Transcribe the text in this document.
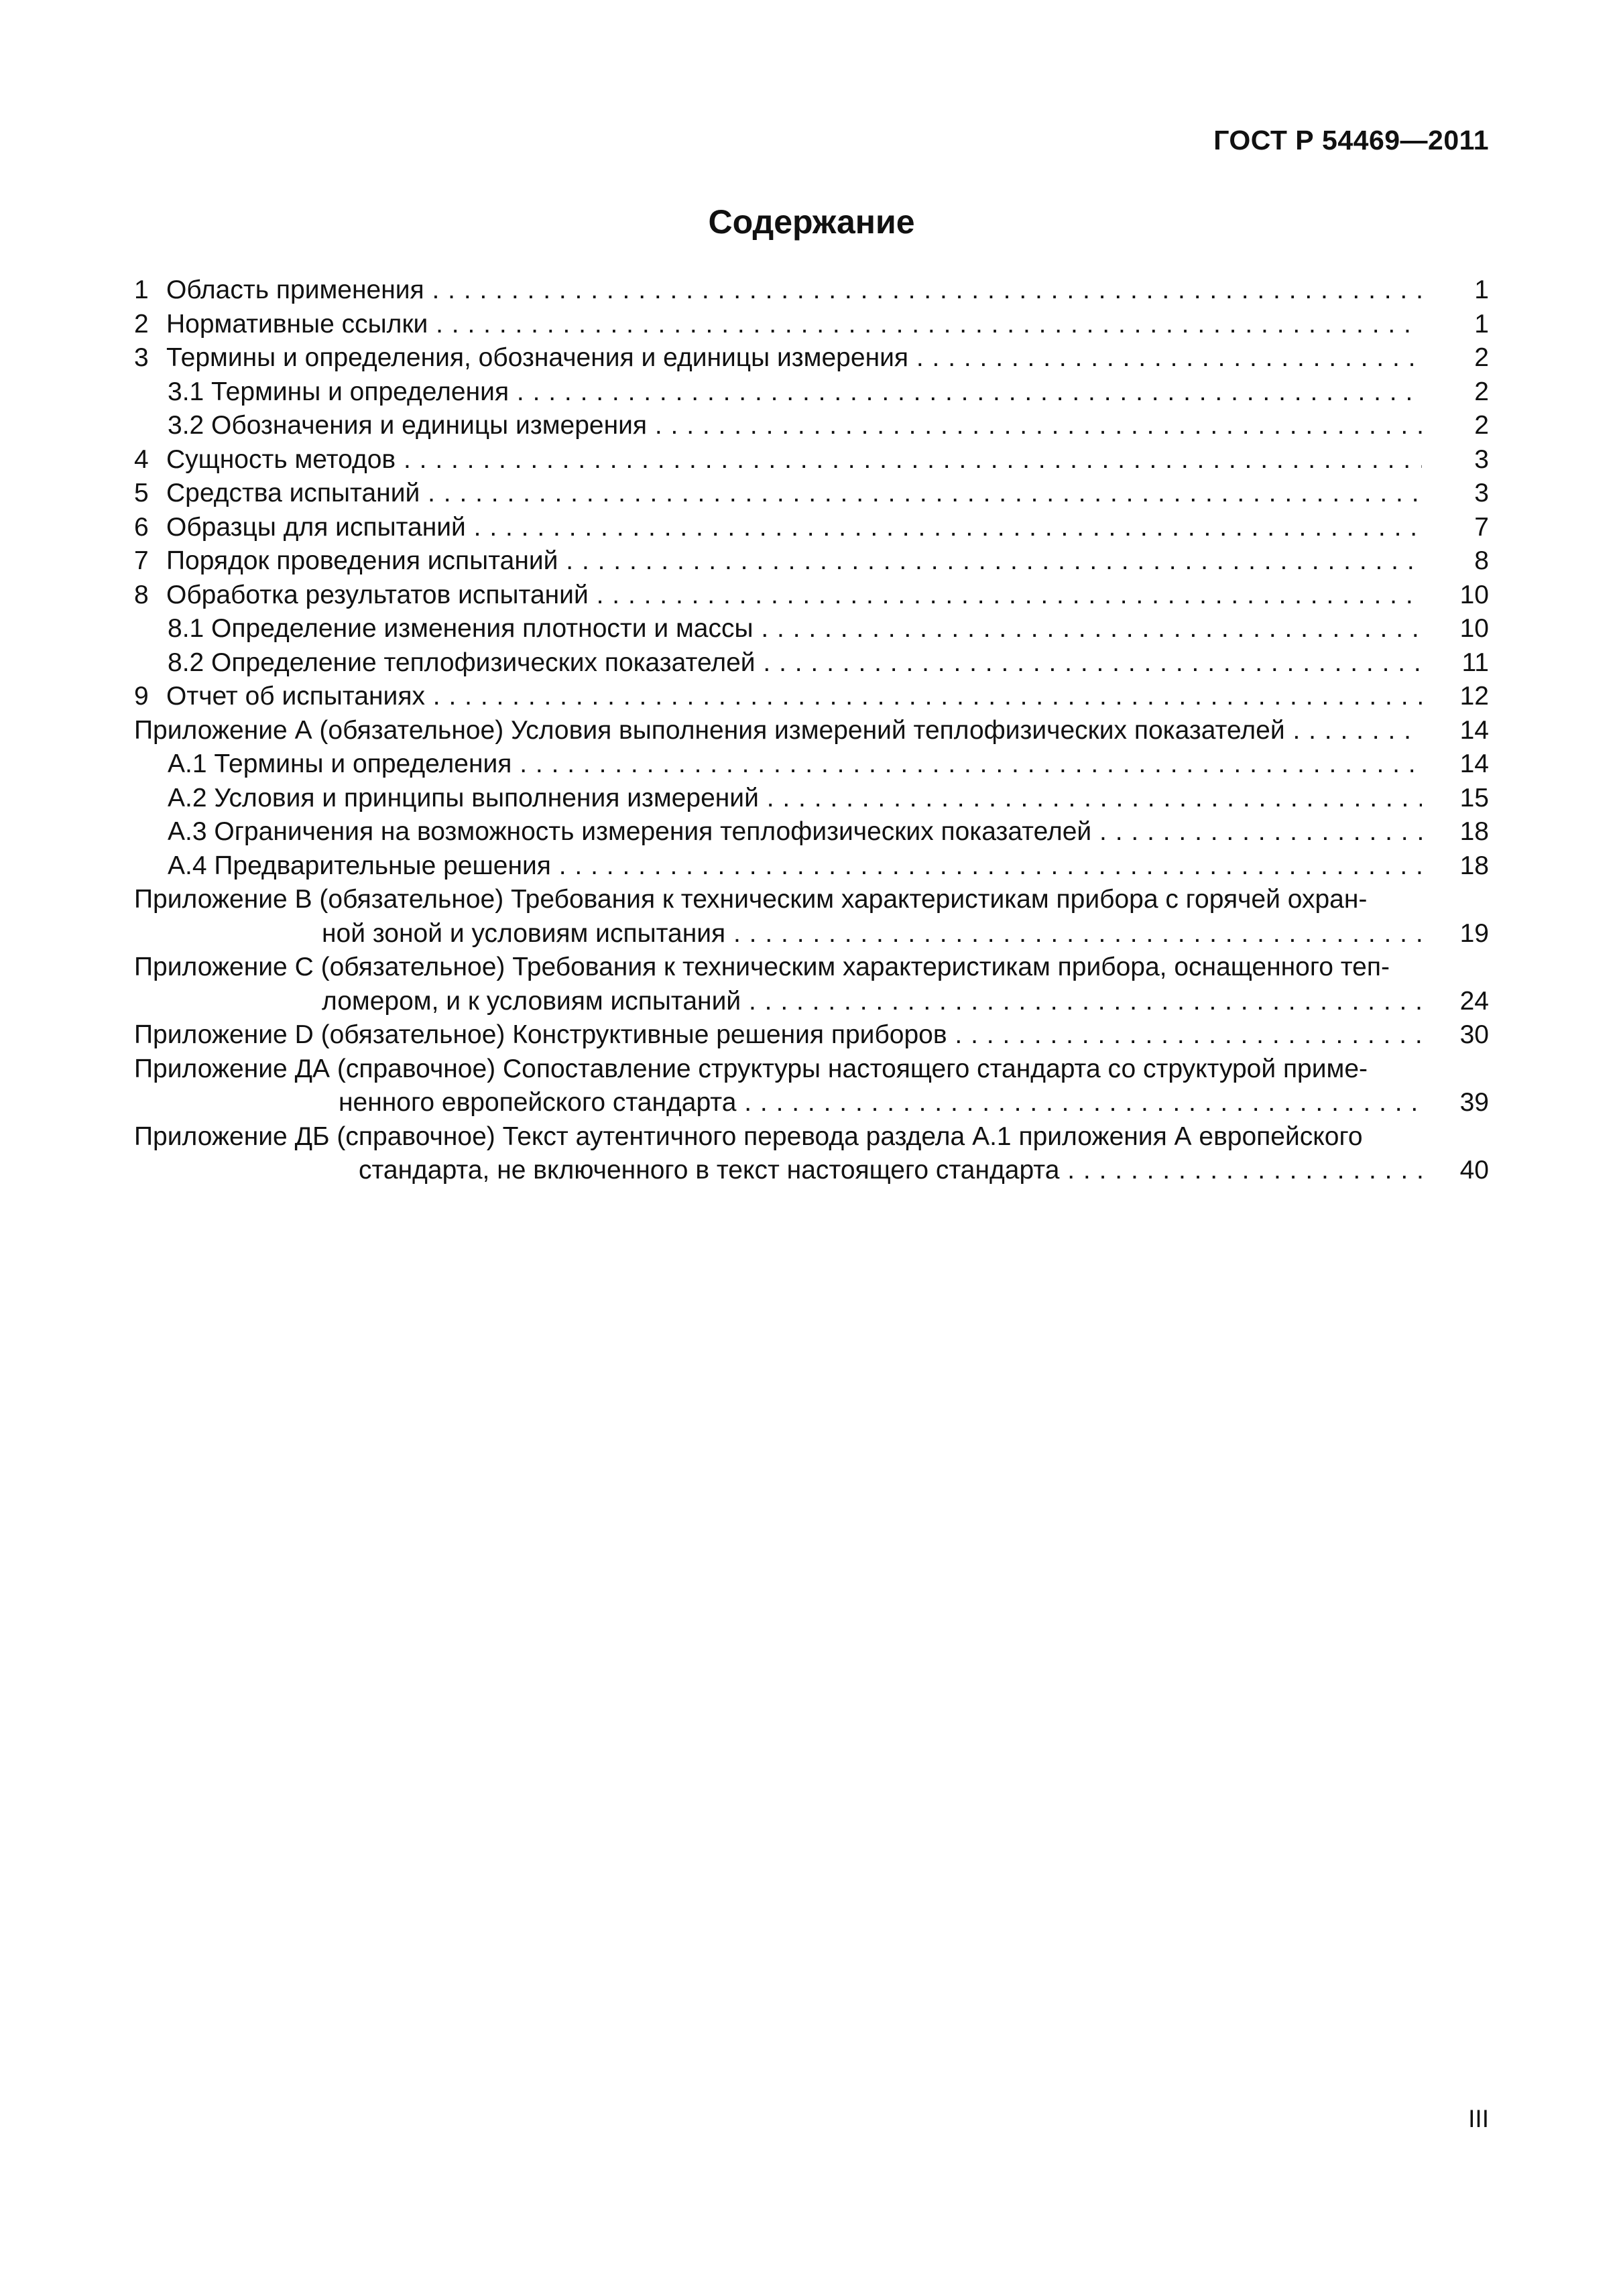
ГОСТ Р 54469—2011
Содержание
1 Область применения . .	1
2 Нормативные ссылки . .	1
3 Термины и определения, обозначения и единицы измерения . .	2
3.1 Термины и определения . .	2
3.2 Обозначения и единицы измерения . .	2
4 Сущность методов . .	3
5 Средства испытаний . .	3
6 Образцы для испытаний . .	7
7 Порядок проведения испытаний . .	8
8 Обработка результатов испытаний . .	10
8.1 Определение изменения плотности и массы . .	10
8.2 Определение теплофизических показателей . .	11
9 Отчет об испытаниях . .	12
Приложение А (обязательное) Условия выполнения измерений теплофизических показателей . .	14
А.1 Термины и определения . .	14
А.2 Условия и принципы выполнения измерений . .	15
А.3 Ограничения на возможность измерения теплофизических показателей . .	18
А.4 Предварительные решения . .	18
Приложение В (обязательное) Требования к техническим характеристикам прибора с горячей охран-
ной зоной и условиям испытания . .	19
Приложение С (обязательное) Требования к техническим характеристикам прибора, оснащенного теп-
ломером, и к условиям испытаний . .	24
Приложение D (обязательное) Конструктивные решения приборов . .	30
Приложение ДА (справочное) Сопоставление структуры настоящего стандарта со структурой приме-
ненного европейского стандарта . .	39
Приложение ДБ (справочное) Текст аутентичного перевода раздела А.1 приложения А европейского
стандарта, не включенного в текст настоящего стандарта . .	40
III
